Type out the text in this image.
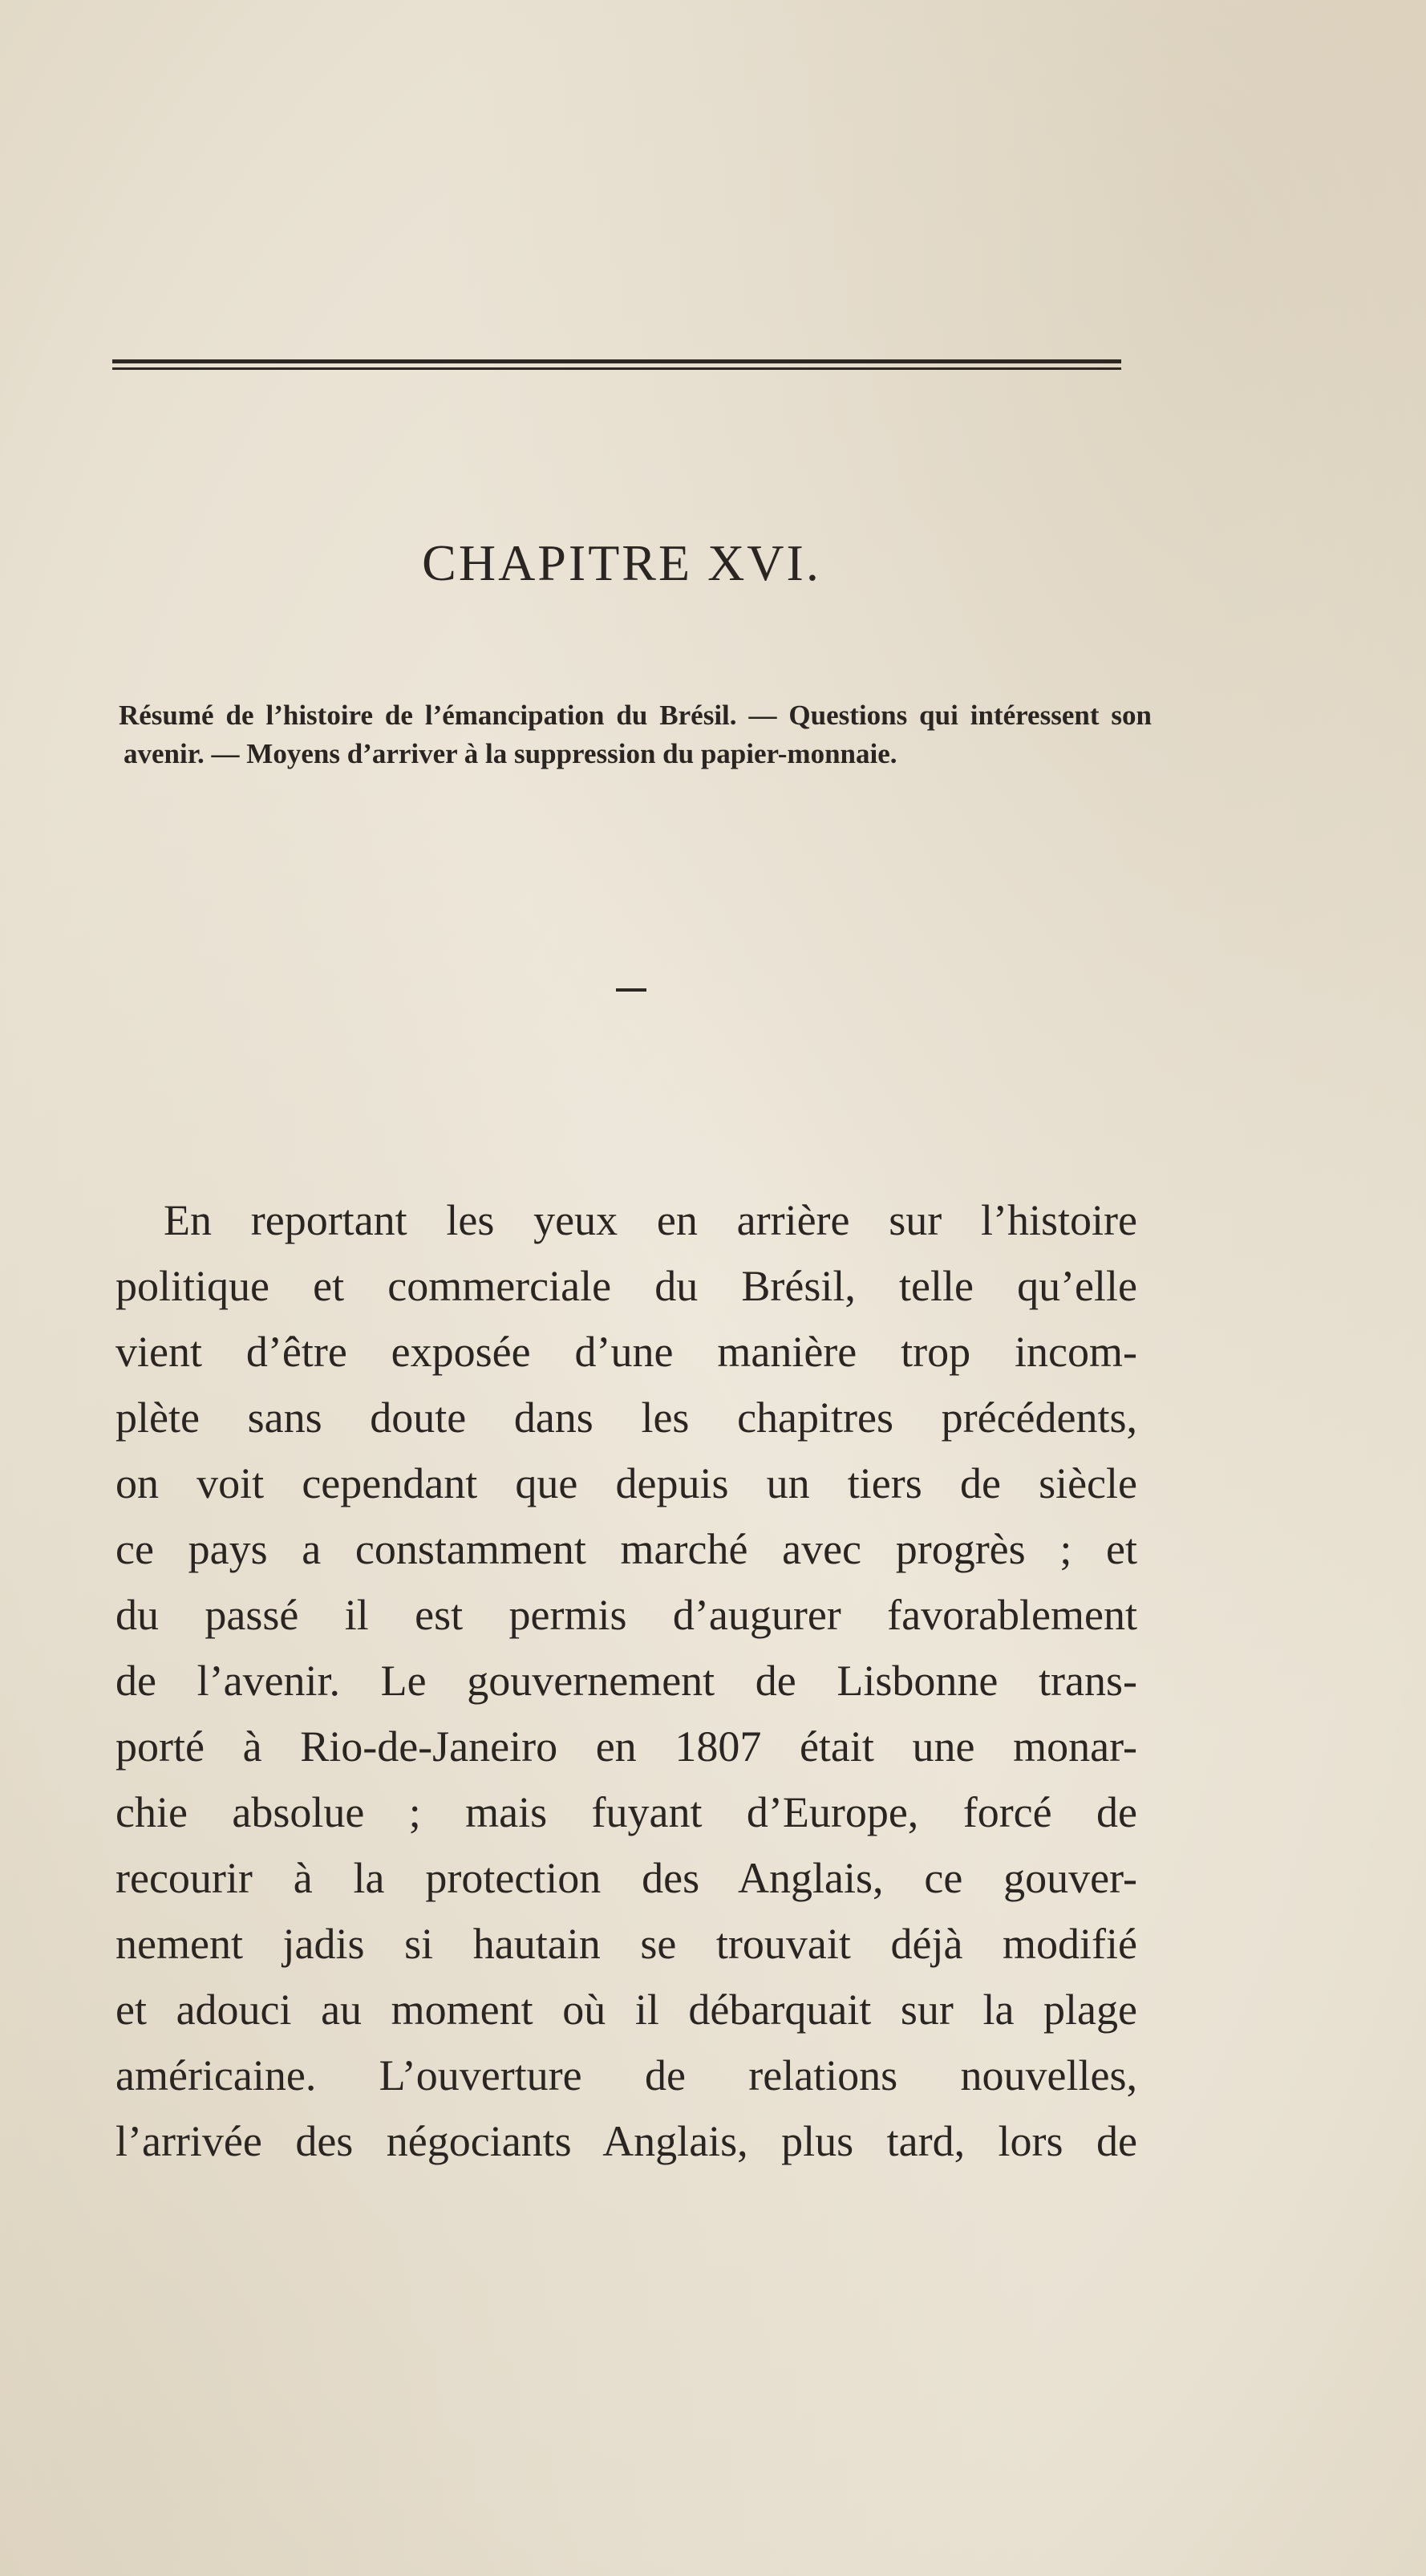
CHAPITRE XVI.

Résumé de l’histoire de l’émancipation du Brésil. — Questions qui intéressent son avenir. — Moyens d’arriver à la suppression du papier-monnaie.

En reportant les yeux en arrière sur l’histoire
politique et commerciale du Brésil, telle qu’elle
vient d’être exposée d’une manière trop incom-
plète sans doute dans les chapitres précédents,
on voit cependant que depuis un tiers de siècle
ce pays a constamment marché avec progrès ; et
du passé il est permis d’augurer favorablement
de l’avenir. Le gouvernement de Lisbonne trans-
porté à Rio-de-Janeiro en 1807 était une monar-
chie absolue ; mais fuyant d’Europe, forcé de
recourir à la protection des Anglais, ce gouver-
nement jadis si hautain se trouvait déjà modifié
et adouci au moment où il débarquait sur la plage
américaine. L’ouverture de relations nouvelles,
l’arrivée des négociants Anglais, plus tard, lors de
